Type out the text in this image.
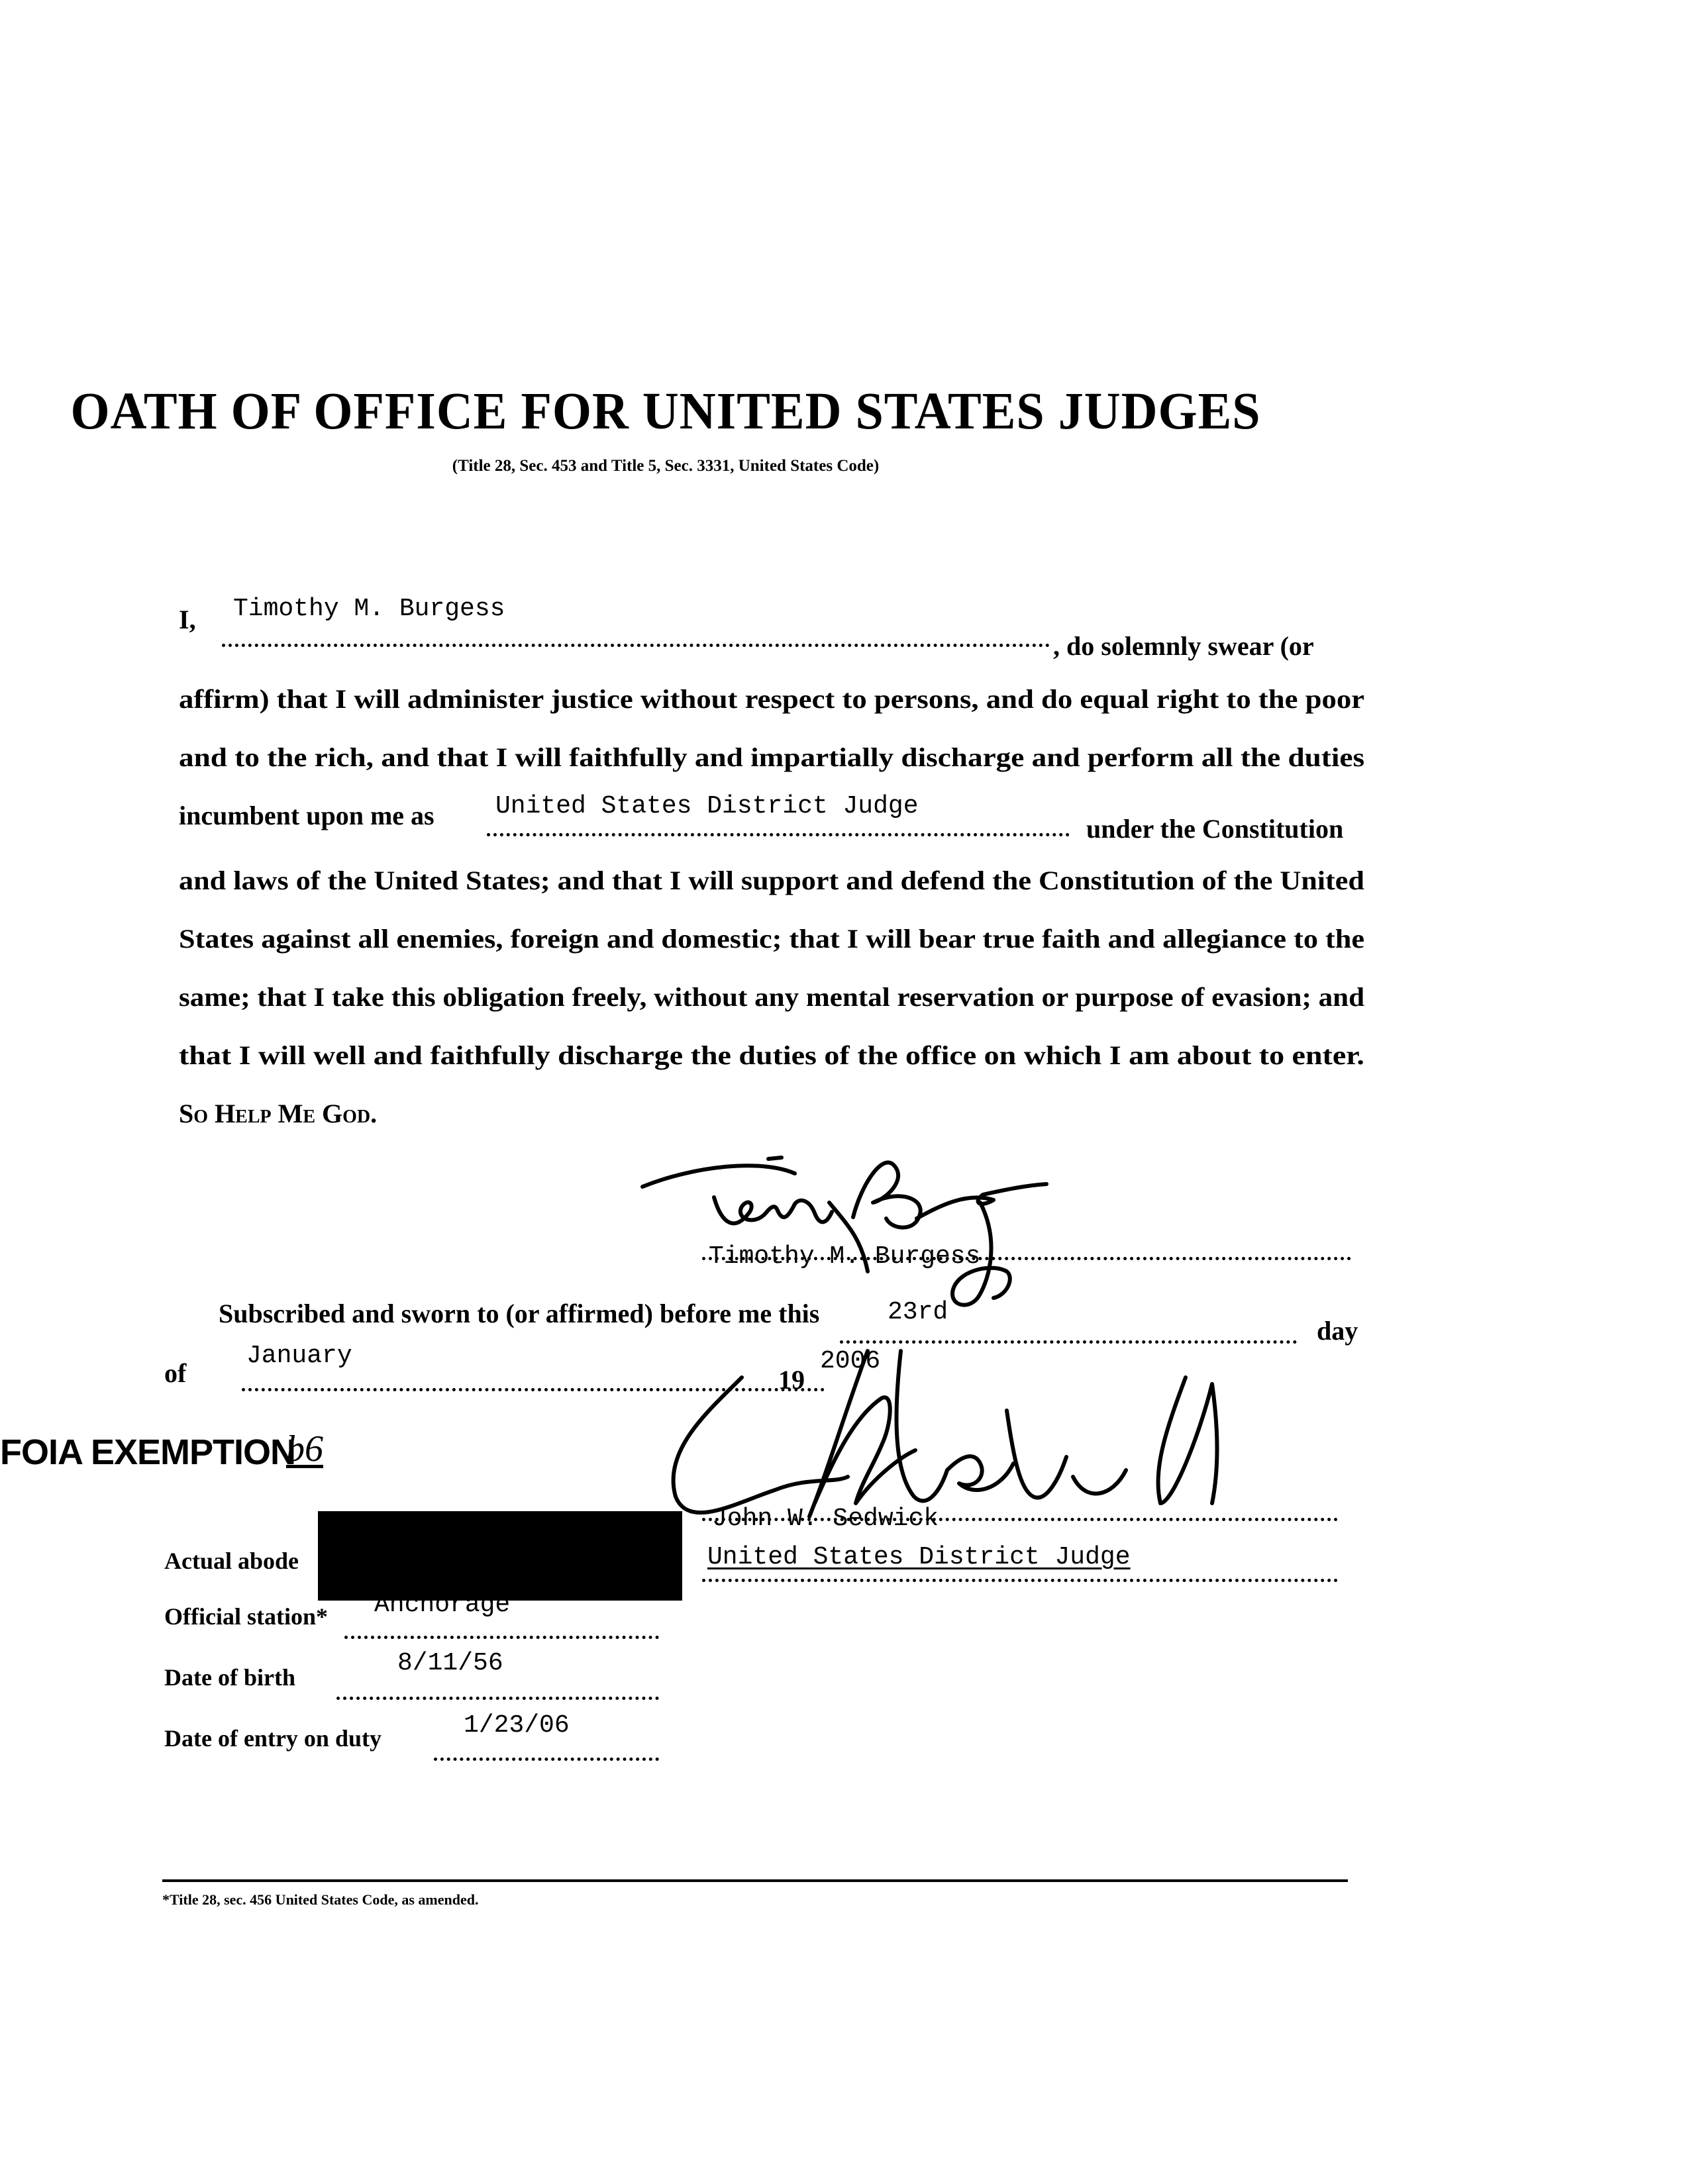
OATH OF OFFICE FOR UNITED STATES JUDGES
(Title 28, Sec. 453 and Title 5, Sec. 3331, United States Code)
I, Timothy M. Burgess
, do solemnly swear (or
affirm) that I will administer justice without respect to persons, and do equal right to the poor
and to the rich, and that I will faithfully and impartially discharge and perform all the duties
incumbent upon me as United States District Judge
under the Constitution
and laws of the United States; and that I will support and defend the Constitution of the United
States against all enemies, foreign and domestic; that I will bear true faith and allegiance to the
same; that I take this obligation freely, without any mental reservation or purpose of evasion; and
that I will well and faithfully discharge the duties of the office on which I am about to enter.
So Help Me God.
Timothy M. Burgess
Subscribed and sworn to (or affirmed) before me this	23rd
day
of
January
19
2006
FOIA EXEMPTION
b6
John W. Sedwick
United States District Judge
Actual abode
Official station* Anchorage
Date of birth	8/11/56
Date of entry on duty	1/23/06
*Title 28, sec. 456 United States Code, as amended.
